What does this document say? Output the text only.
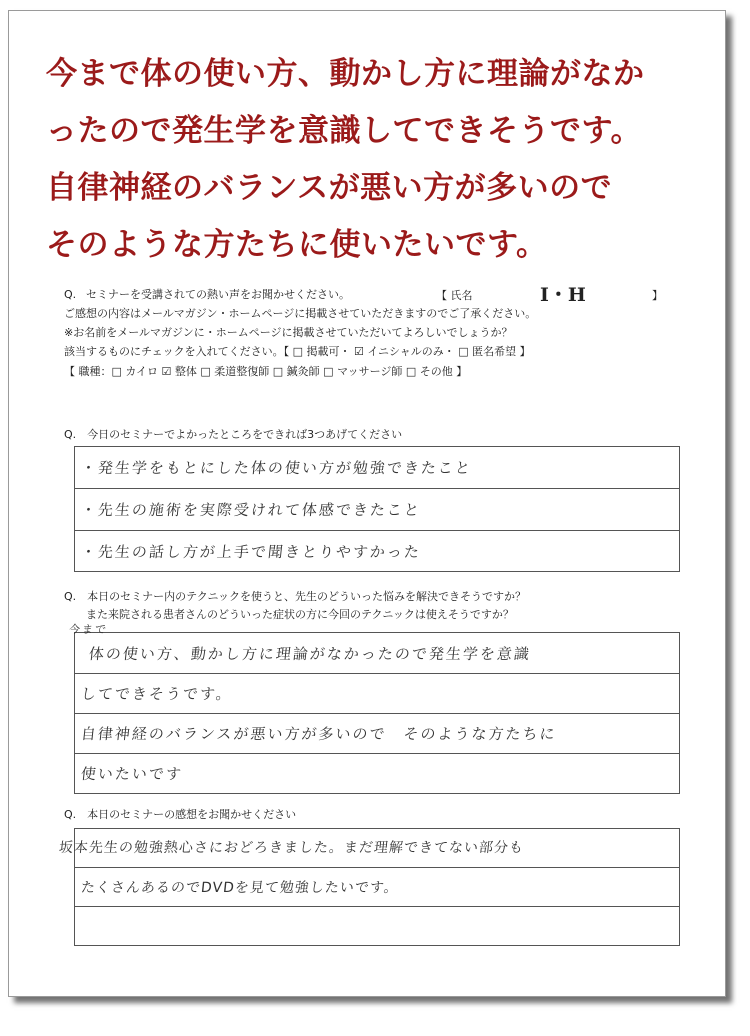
今まで体の使い方、動かし方に理論がなか
ったので発生学を意識してできそうです。
自律神経のバランスが悪い方が多いので
そのような方たちに使いたいです。
Q. セミナーを受講されての熱い声をお聞かせください。	【 氏名	I・H	】
ご感想の内容はメールマガジン・ホームページに掲載させていただきますのでご了承ください。
※お名前をメールマガジンに・ホームページに掲載させていただいてよろしいでしょうか？
該当するものにチェックを入れてください。【 □ 掲載可・ ☑ イニシャルのみ・ □ 匿名希望 】
【 職種：□ カイロ ☑ 整体 □ 柔道整復師 □ 鍼灸師 □ マッサージ師 □ その他 】
Q.　今日のセミナーでよかったところをできれば3つあげてください
・発生学をもとにした体の使い方が勉強できたこと
・先生の施術を実際受けれて体感できたこと
・先生の話し方が上手で聞きとりやすかった
Q.　本日のセミナー内のテクニックを使うと、先生のどういった悩みを解決できそうですか？
　　また来院される患者さんのどういった症状の方に今回のテクニックは使えそうですか？
今まで
体の使い方、動かし方に理論がなかったので発生学を意識
してできそうです。
自律神経のバランスが悪い方が多いので　そのような方たちに
使いたいです
Q.　本日のセミナーの感想をお聞かせください
坂本先生の勉強熱心さにおどろきました。まだ理解できてない部分も
たくさんあるのでDVDを見て勉強したいです。
